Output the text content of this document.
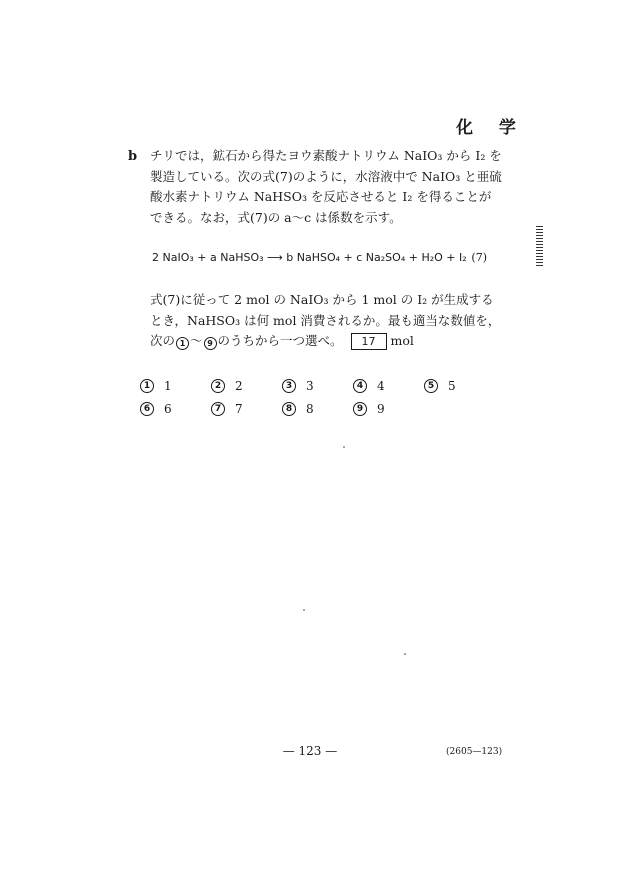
化 学
b チリでは，鉱石から得たヨウ素酸ナトリウム NaIO₃ から I₂ を製造している。次の式(7)のように，水溶液中で NaIO₃ と亜硫酸水素ナトリウム NaHSO₃ を反応させると I₂ を得ることができる。なお，式(7)の a〜c は係数を示す。
2 NaIO₃ + a NaHSO₃ ⟶ b NaHSO₄ + c Na₂SO₄ + H₂O + I₂ (7)
式(7)に従って 2 mol の NaIO₃ から 1 mol の I₂ が生成するとき，NaHSO₃ は何 mol 消費されるか。最も適当な数値を，次の 1 〜 9 のうちから一つ選べ。 17 mol
1	1	2	2	3	3	4	4	5	5
6	6	7	7	8	8	9	9
— 123 —	(2605—123)
